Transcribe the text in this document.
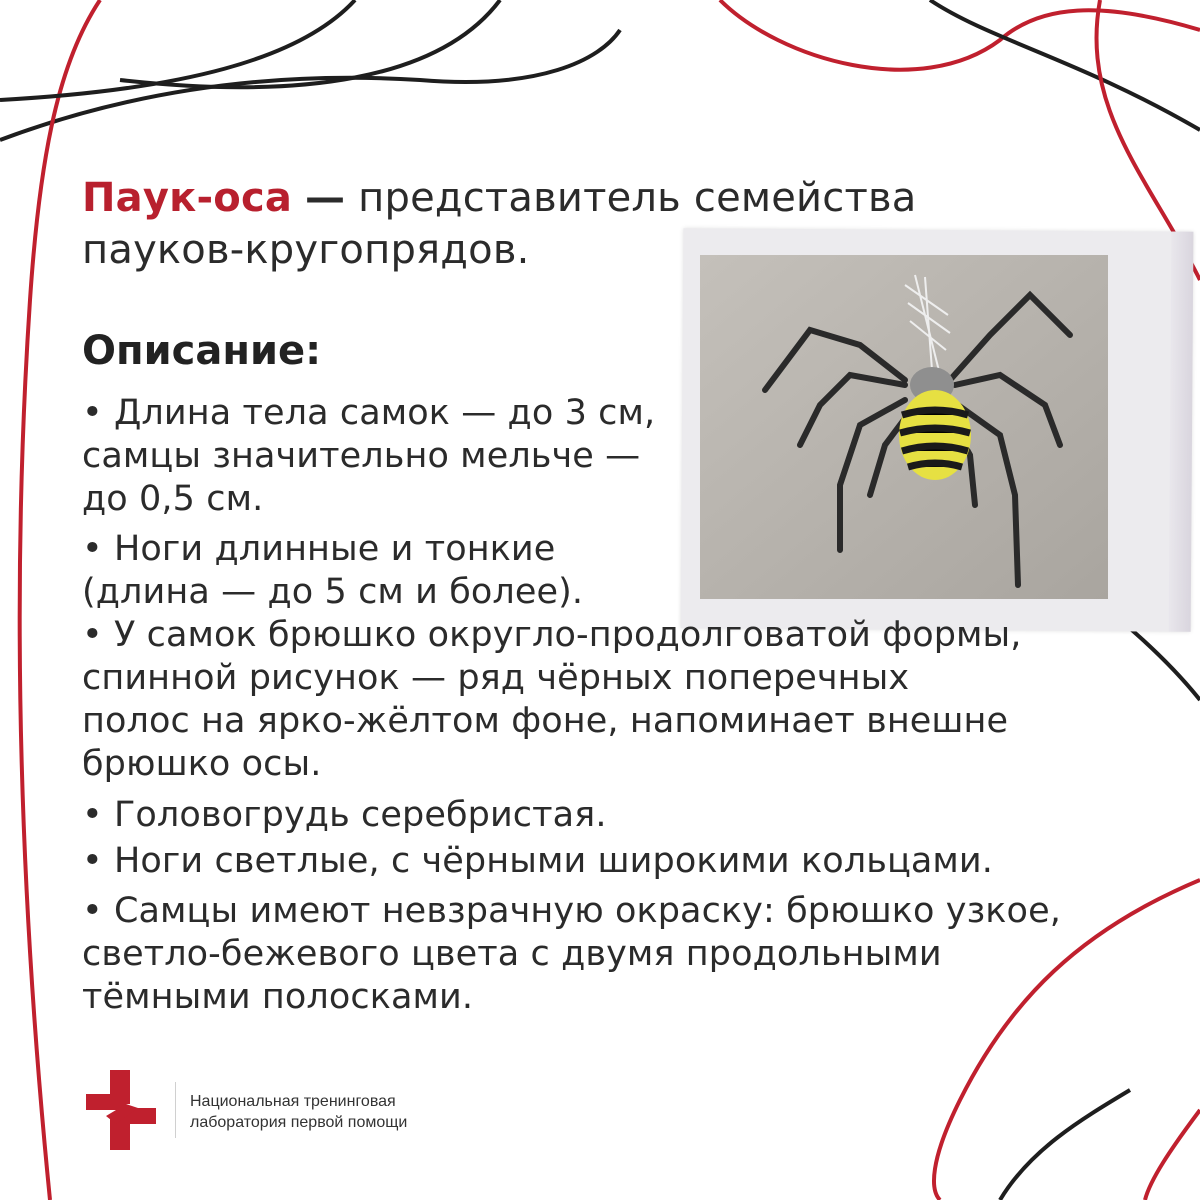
Паук-оса — представитель семейства пауков-кругопрядов.
Описание:
• Длина тела самок — до 3 см, самцы значительно мельче — до 0,5 см.
• Ноги длинные и тонкие (длина — до 5 см и более).
• У самок брюшко округло-продолговатой формы, спинной рисунок — ряд чёрных поперечных полос на ярко-жёлтом фоне, напоминает внешне брюшко осы.
• Головогрудь серебристая.
• Ноги светлые, с чёрными широкими кольцами.
• Самцы имеют невзрачную окраску: брюшко узкое, светло-бежевого цвета с двумя продольными тёмными полосками.
Национальная тренинговая
лаборатория первой помощи
